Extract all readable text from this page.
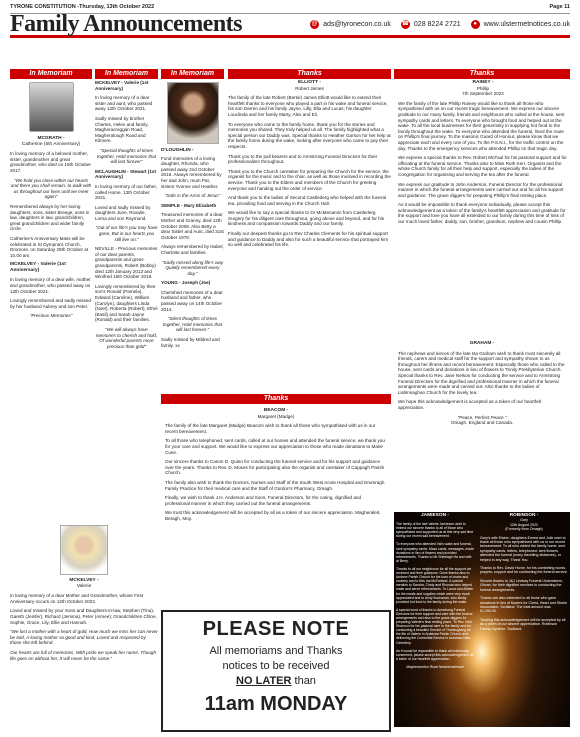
TYRONE CONSTITUTION -Thursday, 13th October 2022	Page 11
Family Announcements	@ ads@tyronecon.co.uk ☎ 028 8224 2721	● www.ulstermetnotices.co.uk
In Memoriam	In Memoriam	In Memoriam	Thanks	Thanks
Thanks
MCGRATH -
Catherine (5th Anniversary)

In loving memory of a beloved mother, sister, grandmother and great grandmother, who died on 15th October 2017.

"We hold you close within our hearts and there you shall remain, to walk with us throughout our lives until we meet again"

Remembered always by her loving daughters, sons, sister Breege, sons in law, daughters in law, grandchildren, great grandchildren and wider family circle.

Catherine's Anniversary Mass will be celebrated in St Dympna's Church, Dromore, on Saturday 29th October at 10.00 am.

MCKELVEY - Valerie (1st Anniversary)

In loving memory of a dear wife, mother and grandmother, who passed away on 12th October 2021.

Lovingly remembered and sadly missed by her husband Aubrey and son Peter.

"Precious Memories"

MCKELVEY - Valerie (1st Anniversary)

In loving memory of a dear sister and aunt, who passed away 12th October 2021.

Sadly missed by brother Charles, Helen and family, Magheracreggan Road, Magheralough Road and Kilmore.

"Special thoughts of times together, Hold memories that will last forever"

MCLAUGHLIN - Stewart (1st Anniversary)

In loving memory of our father, called Home, 13th October 2021.

Loved and sadly missed by daughters June, Rosalie, Lorna and son Raymond.

"Out of our life's you may have gone, But in our hearts you still live on."

NEVILLE - Precious memories of our dear parents, grandparents and great-grandparents, Robert (Bobby) died 12th January 2013 and Winifred 15th October 2019.

Lovingly remembered by their son's Ronald (Pamela), Edward (Caroline), William (Carolyn), daughters Linda (Noel), Roberta (Robert), Ethel (Basil) and Sarah-Jayne (Ronald) and their families.

"We will always have memories to cherish and hold, Of wonderful parents more precious than gold"

D'LOUGHLIN -

Fond memories of a loving daughter, Rhonda, who passed away 2nd October 2018. Always remembered by her dad John, mum Pat, sisters Yvonne and Heather.

"Safe in the Arms of Jesus"

SEMPLE - Mary Elizabeth

Treasured memories of a dear Mother and Granny, died 12th October 2008. Also Betty a dear Sister and Aunt, died 31st October 1978.

Always remembered by Isabel, Charlotte and families.

"Sadly missed along life's way Quietly remembered every day."

YOUNG - Joseph (Joe)

Cherished memories of a dear husband and father, who passed away on 14th October 2014.

"Silent thoughts of times together, Hold memories that will last forever."

Sadly missed by Mildred and family. xx

ELLIOTT -

Robert James

The family of the late Robert (Bertie) James Elliott would like to extend their heartfelt thanks to everyone who played a part in his wake and funeral service, his son Darren and his family Jayne, Lilly, Ella and Lucas; his daughter Louclinda and her family Marty, Alex and Eli.

To everyone who came to the family home, thank you for the stories and memories you shared. They truly helped us all. The family highlighted what a special person our Daddy was. Special thanks to Heather Garson for her help at the family home during the wake, looking after everyone who came to pay their respects.

Thank you to the pall bearers and to Armstrong Funeral Directors for their professionalism throughout.

Thank you to the Church caretaker for preparing the Church for the service, the organist for the music and to the choir, as well as those involved in recording the service. Thank you to the Elders and members of the Church for greeting everyone and handing out the order of service.

And thank you to the ladies of Second Castlederg who helped with the funeral tea, providing food and serving in the Church Hall.

We would like to say a special thanks to Dr McMenamin from Castlederg Surgery for his diligent care throughout, going above and beyond, and for his kindness and compassion towards Daddy and our family.

Finally our deepest thanks go to Rev Charles Clements for his spiritual support and guidance to Daddy and also for such a beautiful service that portrayed him so well and celebrated his life.

RAINEY -

Phillip

7th September 2022

We the family of the late Phillip Rainey would like to thank all those who sympathised with us on our recent tragic bereavement. We express our sincere gratitude to our many family, friends and neighbours who called at the house, sent sympathy cards and letters. To everyone who brought food and helped out at the wake. To all the local businesses for their generosity in supplying hot food to the family throughout the wake. To everyone who attended the funeral, lined the route on Phillip's final journey. To the masonic Guard of Honour, please know that we appreciate each and every one of you. To the P.S.N.I., for the traffic control on the day. Thanks to the emergency services who attended Phillip on that tragic day.

We express a special thanks to Rev. Robert McFaul for his pastoral support and for officiating at the funeral service. Thanks also to Miss Ruth Kerr, Organist and the whole Church family for all their help and support, especially the ladies of the Congregation for organising and serving the tea after the funeral.

We express our gratitude to John Anderson, Funeral Director for the professional manner in which the funeral arrangements were carried out and for all his support and guidance. The grave diggers for preparing Phillip's final resting place.

As it would be impossible to thank everyone individually, please accept this acknowledgement as a token of the family's heartfelt appreciation and gratitude for the support and love you have all extended to our family during this time of loss of our much loved father, daddy, son, brother, grandson, nephew and cousin Phillip.

BEACOM -

Margaret (Madge)

The family of the late Margaret (Madge) Beacom wish to thank all those who sympathised with us in our recent bereavement.

To all those who telephoned, sent cards, called at our homes and attended the funeral service, we thank you for your care and support. We would like to express our appreciation to those who made donations to Marie Curie.

Our sincere thanks to Canon D. Quinn for conducting the funeral service and for his support and guidance over the years. Thanks to Rev. D. Moses for participating also the organist and caretaker of Cappagh Parish Church.

The family also wish to thank the Doctors, Nurses and Staff of the South West Acute Hospital and Drumragh Family Practice for their medical care and the Staff of Gordon's Pharmacy, Omagh.

Finally, we wish to thank J.H. Anderson and Sons, Funeral Directors, for the caring, dignified and professional manner in which they carried out the funeral arrangements.

We trust this acknowledgement will be accepted by all as a token of our sincere appreciation. Magheraleit, Beragh, Moy.

GRAHAM -

The nephews and nieces of the late Isa Graham wish to thank most sincerely all friends, carers and medical staff for the support and sympathy shown to us throughout her illness and recent bereavement. Especially those who called to the house, sent cards and donations in lieu of flowers to Trinity Presbyterian Church. Special thanks to Rev. Jane Nelson for conducting the service and to Armstrong Funeral Directors for the dignified and professional manner in which the funeral arrangements were made and carried out. Also thanks to the ladies of Lislimnaghan Church for the lovely tea.

We hope this acknowledgement is accepted as a token of our heartfelt appreciation.

"Peace, Perfect Peace."

Omagh, England and Canada.

MCKELVEY -
Valerie

In loving memory of a dear Mother and Grandmother, whose First Anniversary occurs on 12th October 2022.

Loved and missed by your Sons and Daughters-in-law, Stephen (Tina), Gareth (Jenifer), Richard (Jemma), Peter (Aimee); Grandchildren Chloe, Sophie, Grace, Lily, Ellie and Hannah.

"We lost a mother with a heart of gold, How much we miss her can never be told, A loving mother so good and kind, Loved and respected by those she left behind.

Our hearts are full of memories, With pride we speak her name, Though life goes on without her, It will never be the same."

PLEASE NOTE
All memoriams and Thanks
notices to be received
NO LATER than
11am MONDAY

ROBINSON -

Gary

12th August 2022

(Formerly from Omagh)

Gary's wife Elaine, daughters Emma and Julie wish to thank all those who sympathised with us in our recent bereavement. To all who visited the family home, sent sympathy cards, letters, telephoned, sent flowers, attended the funeral (many travelling distances), or helped in any way, Thank You.

Thanks to Rev. David Horne, for his comforting words, prayers, support and for conducting the funeral service.

Sincere thanks to J&J Lindsay Funeral Undertakers, Girvan, for their dignified services in conducting the funeral arrangements.

Thanks are also extended to all those who gave donations in lieu of flowers for Chest, Heart and Stroke Association, Scotland. The total amount was £1,250.00.

Trusting this acknowledgement will be accepted by all as a token of our sincere appreciation. Robinson Family, Ayrshire, Scotland.

JAMIESON -

The family of the late Valerie Jamieson wish to extend our sincere thanks to all of those who sympathised and supported us at this very sad time during our recent sad bereavement.

To everyone who attended Val's wake and funeral, sent sympathy cards, Mass cards, messages, made donations in lieu of flowers and provided refreshments. Thanks to Mr Sheelagh Ha and wife at Berry.

Thanks to all our neighbours for all the support we received and their guidance. Once thanks also to Andrew Parish Church for the loan of chairs and cookery and to Mrs Ina McFarland. A special mention to Sandra, Cindy and Rhonda who helped make and serve refreshments. To Laura and Allister for the meals and supplies which were very much appreciated and to Andy Buchanan, who kindly provided hot food to the family during the wake.

A special word of thanks to Armstrong Funeral Directors for their support and care with the funeral arrangements and also to the grave-diggers for preparing Valerie's final resting place. To Rev. Nick Shannon for his pastoral care to the family and for conducting a beautiful Service of Thanksgiving for the life of Valerie in Ardstraw Parish Church and delivering the Committal Service in Ardstraw New Cemetery.

As it would be impossible to thank all individually concerned, please accept this acknowledgement as a token of our heartfelt appreciation.

Magheracolton Road Newtownstewart
